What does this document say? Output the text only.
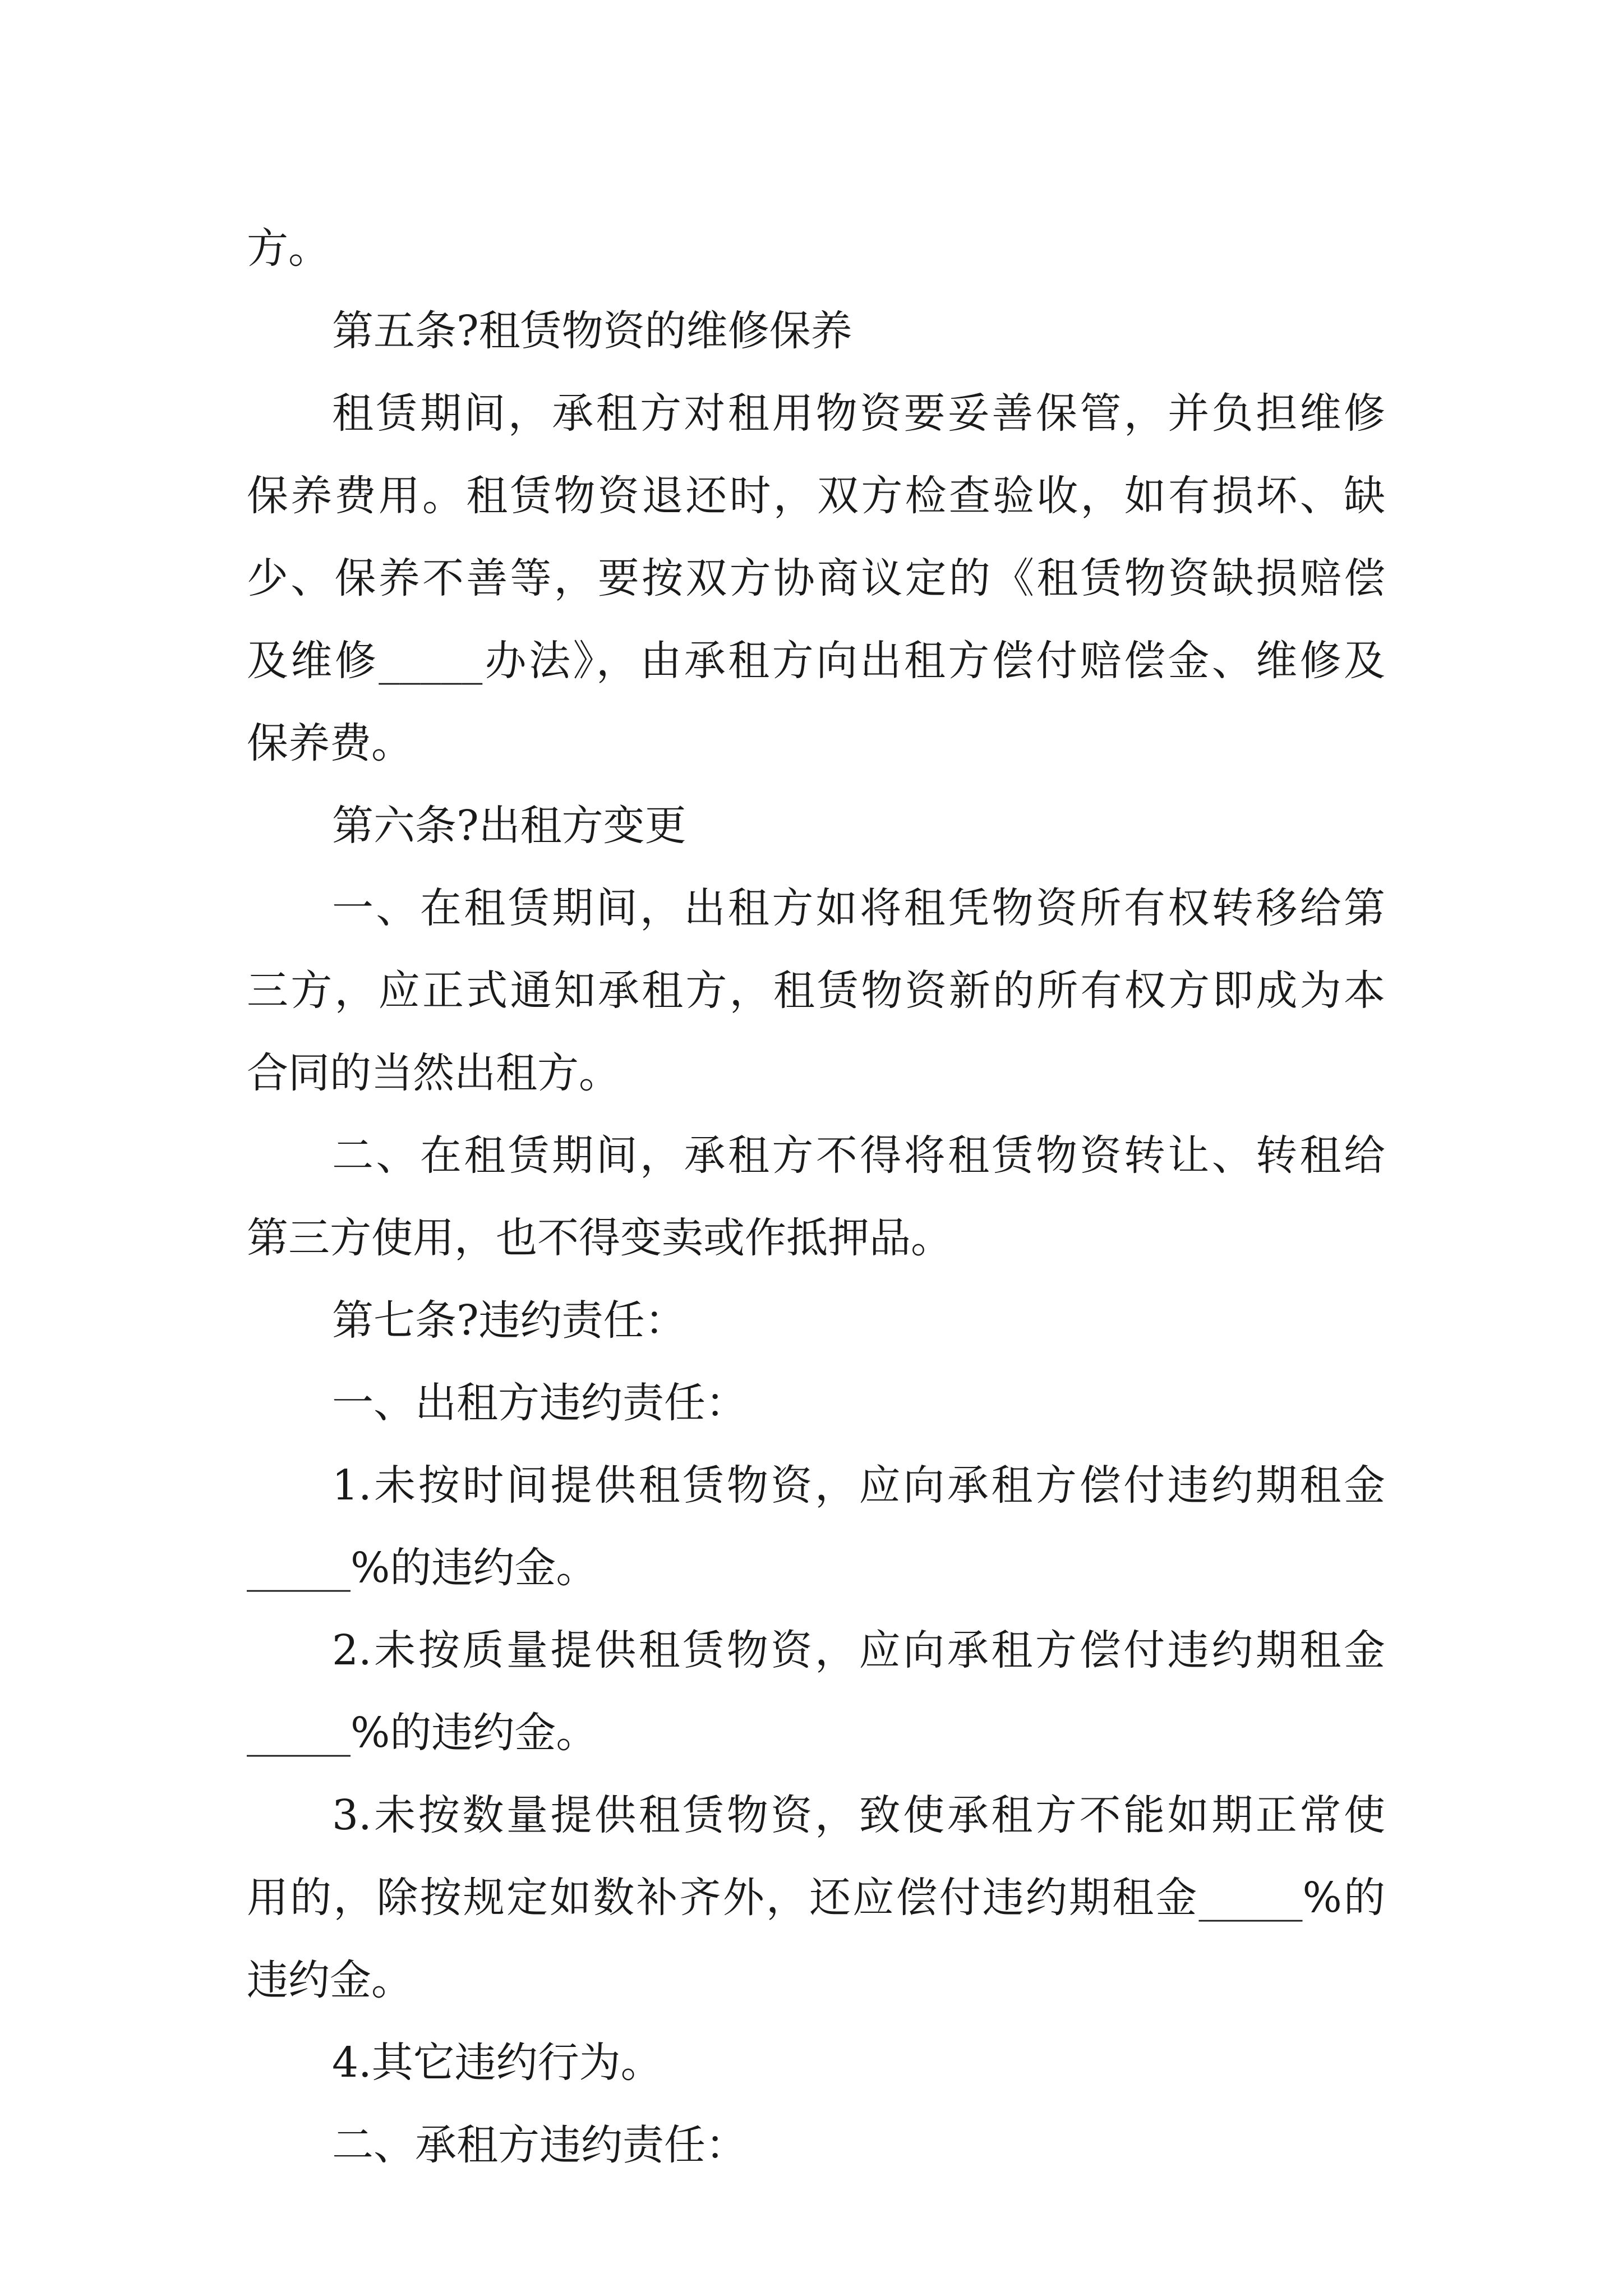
方。
第五条?租赁物资的维修保养
租赁期间，承租方对租用物资要妥善保管，并负担维修
保养费用。租赁物资退还时，双方检查验收，如有损坏、缺
少、保养不善等，要按双方协商议定的《租赁物资缺损赔偿
及维修_____办法》，由承租方向出租方偿付赔偿金、维修及
保养费。
第六条?出租方变更
一、在租赁期间，出租方如将租凭物资所有权转移给第
三方，应正式通知承租方，租赁物资新的所有权方即成为本
合同的当然出租方。
二、在租赁期间，承租方不得将租赁物资转让、转租给
第三方使用，也不得变卖或作抵押品。
第七条?违约责任：
一、出租方违约责任：
1.未按时间提供租赁物资，应向承租方偿付违约期租金
_____%的违约金。
2.未按质量提供租赁物资，应向承租方偿付违约期租金
_____%的违约金。
3.未按数量提供租赁物资，致使承租方不能如期正常使
用的，除按规定如数补齐外，还应偿付违约期租金_____%的
违约金。
4.其它违约行为。
二、承租方违约责任：
